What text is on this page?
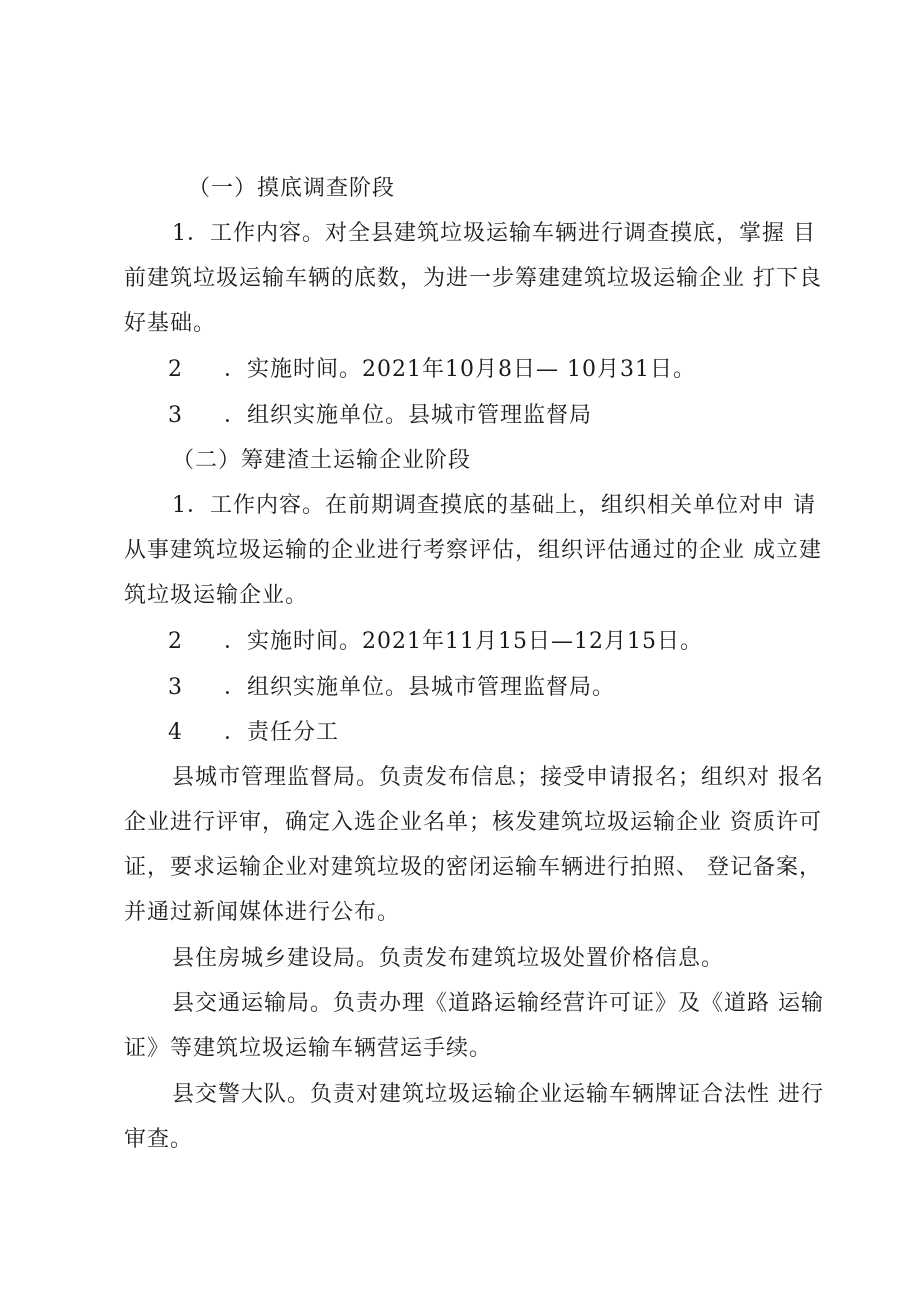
（一）摸底调查阶段
1．工作内容。对全县建筑垃圾运输车辆进行调查摸底，掌握 目
前建筑垃圾运输车辆的底数，为进一步筹建建筑垃圾运输企业 打下良
好基础。
2 ．实施时间。2021年10月8日— 10月31日。
3 ．组织实施单位。县城市管理监督局
（二）筹建渣土运输企业阶段
1．工作内容。在前期调查摸底的基础上，组织相关单位对申 请
从事建筑垃圾运输的企业进行考察评估，组织评估通过的企业 成立建
筑垃圾运输企业。
2 ．实施时间。2021年11月15日—12月15日。
3 ．组织实施单位。县城市管理监督局。
4 ．责任分工
县城市管理监督局。负责发布信息；接受申请报名；组织对 报名
企业进行评审，确定入选企业名单；核发建筑垃圾运输企业 资质许可
证，要求运输企业对建筑垃圾的密闭运输车辆进行拍照、 登记备案，
并通过新闻媒体进行公布。
县住房城乡建设局。负责发布建筑垃圾处置价格信息。
县交通运输局。负责办理《道路运输经营许可证》及《道路 运输
证》等建筑垃圾运输车辆营运手续。
县交警大队。负责对建筑垃圾运输企业运输车辆牌证合法性 进行
审查。
